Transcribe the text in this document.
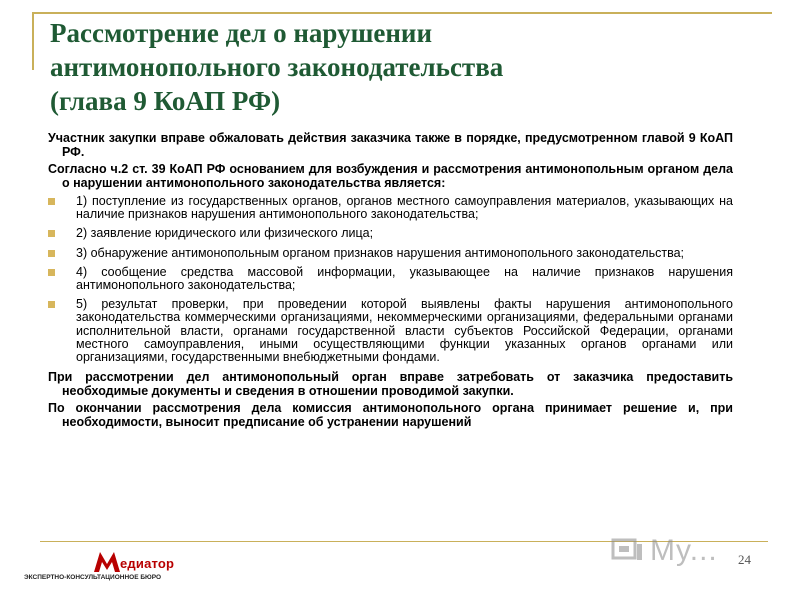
Рассмотрение дел о нарушении
антимонопольного законодательства
(глава 9 КоАП РФ)

Участник закупки вправе обжаловать действия заказчика также в порядке, предусмотренном главой 9 КоАП РФ.

Согласно ч.2 ст. 39 КоАП РФ основанием для возбуждения и рассмотрения антимонопольным органом дела о нарушении антимонопольного законодательства является:

1) поступление из государственных органов, органов местного самоуправления материалов, указывающих на наличие признаков нарушения антимонопольного законодательства;
2) заявление юридического или физического лица;
3) обнаружение антимонопольным органом признаков нарушения антимонопольного законодательства;
4) сообщение средства массовой информации, указывающее на наличие признаков нарушения антимонопольного законодательства;
5) результат проверки, при проведении которой выявлены факты нарушения антимонопольного законодательства коммерческими организациями, некоммерческими организациями, федеральными органами исполнительной власти, органами государственной власти субъектов Российской Федерации, органами местного самоуправления, иными осуществляющими функции указанных органов органами или организациями, государственными внебюджетными фондами.

При рассмотрении дел антимонопольный орган вправе затребовать от заказчика предоставить необходимые документы и сведения в отношении проводимой закупки.

По окончании рассмотрения дела комиссия антимонопольного органа принимает решение и, при необходимости, выносит предписание об устранении нарушений

едиатор
ЭКСПЕРТНО-КОНСУЛЬТАЦИОННОЕ БЮРО
My... 24
